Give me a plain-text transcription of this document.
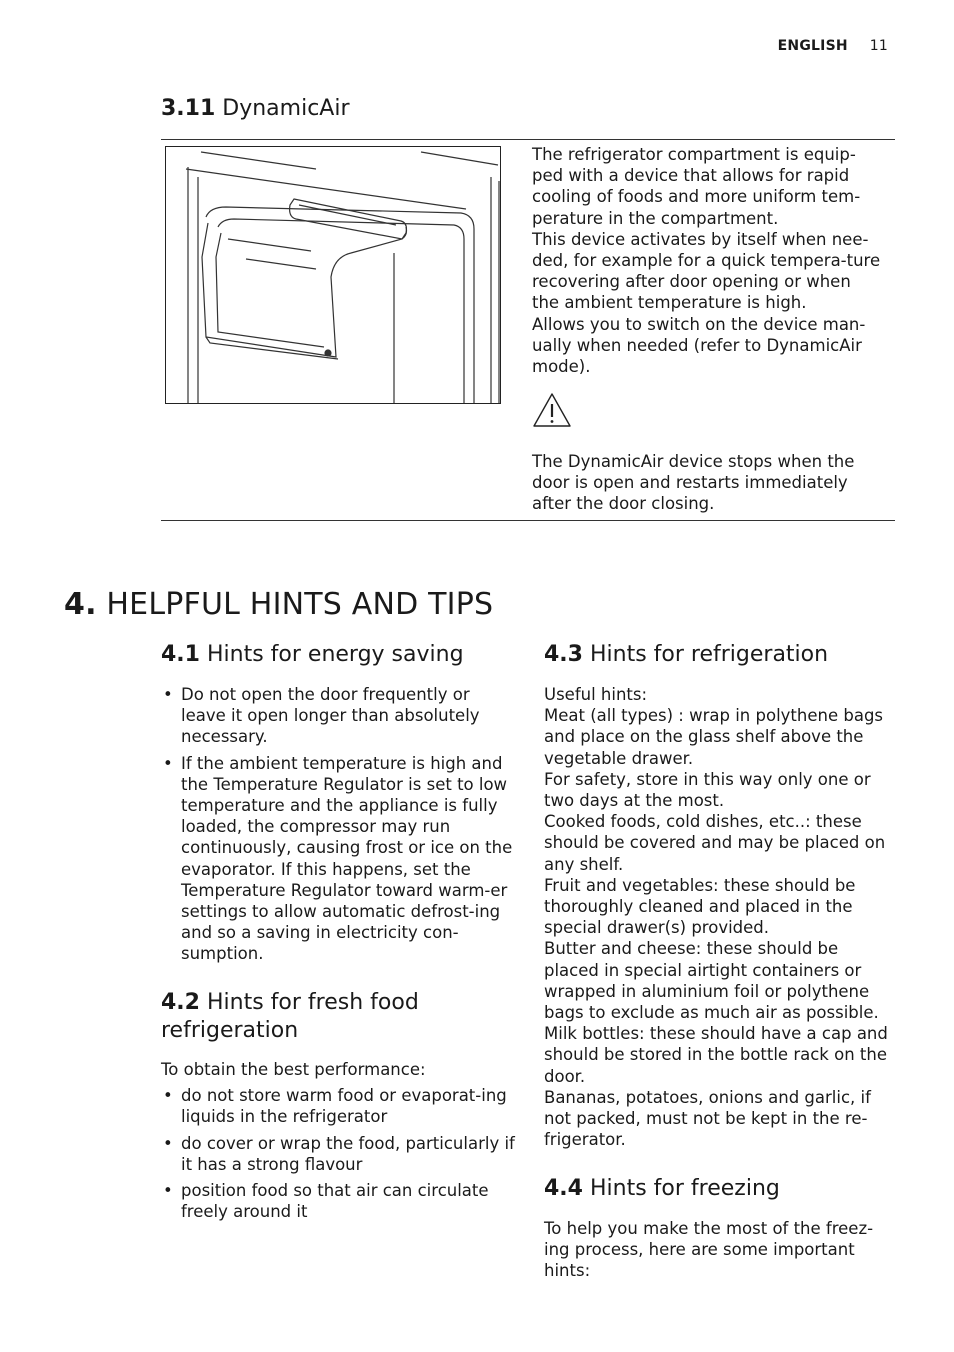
ENGLISH 11
3.11 DynamicAir

The refrigerator compartment is equip-ped with a device that allows for rapid cooling of foods and more uniform tem-perature in the compartment.

This device activates by itself when nee-ded, for example for a quick tempera-ture recovering after door opening or when the ambient temperature is high.

Allows you to switch on the device man-ually when needed (refer to DynamicAir mode).

The DynamicAir device stops when the door is open and restarts immediately after the door closing.
4. HELPFUL HINTS AND TIPS
4.1 Hints for energy saving
• Do not open the door frequently or leave it open longer than absolutely necessary.
• If the ambient temperature is high and the Temperature Regulator is set to low temperature and the appliance is fully loaded, the compressor may run continuously, causing frost or ice on the evaporator. If this happens, set the Temperature Regulator toward warm-er settings to allow automatic defrost-ing and so a saving in electricity con-sumption.
4.2 Hints for fresh food refrigeration

To obtain the best performance:

• do not store warm food or evaporat-ing liquids in the refrigerator
• do cover or wrap the food, particularly if it has a strong flavour
• position food so that air can circulate freely around it
4.3 Hints for refrigeration

Useful hints:

Meat (all types) : wrap in polythene bags and place on the glass shelf above the vegetable drawer.

For safety, store in this way only one or two days at the most.

Cooked foods, cold dishes, etc..: these should be covered and may be placed on any shelf.

Fruit and vegetables: these should be thoroughly cleaned and placed in the special drawer(s) provided.

Butter and cheese: these should be placed in special airtight containers or wrapped in aluminium foil or polythene bags to exclude as much air as possible.

Milk bottles: these should have a cap and should be stored in the bottle rack on the door.

Bananas, potatoes, onions and garlic, if not packed, must not be kept in the re-frigerator.

4.4 Hints for freezing
To help you make the most of the freez-ing process, here are some important hints:
